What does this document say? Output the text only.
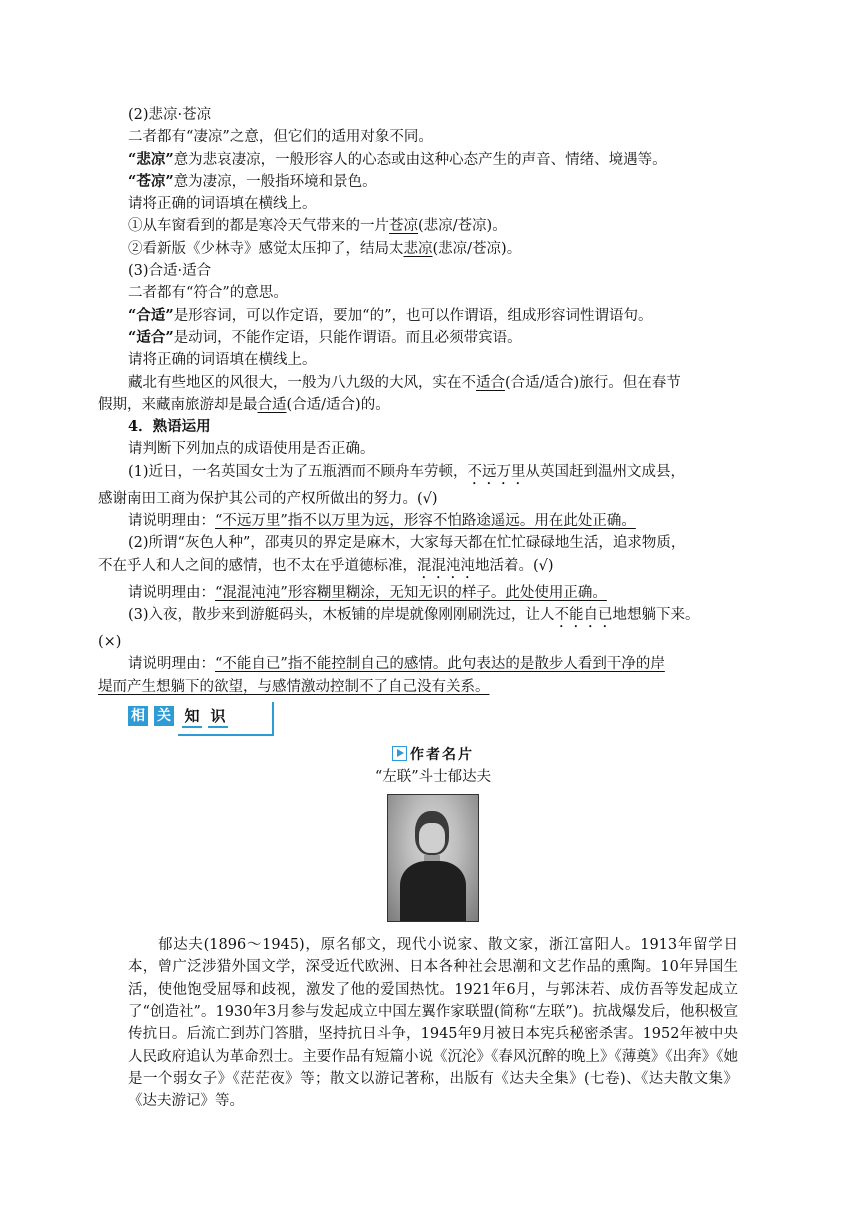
(2)悲凉·苍凉
二者都有“凄凉”之意，但它们的适用对象不同。
“悲凉”意为悲哀凄凉，一般形容人的心态或由这种心态产生的声音、情绪、境遇等。
“苍凉”意为凄凉，一般指环境和景色。
请将正确的词语填在横线上。
①从车窗看到的都是寒冷天气带来的一片苍凉(悲凉/苍凉)。
②看新版《少林寺》感觉太压抑了，结局太悲凉(悲凉/苍凉)。
(3)合适·适合
二者都有“符合”的意思。
“合适”是形容词，可以作定语，要加“的”，也可以作谓语，组成形容词性谓语句。
“适合”是动词，不能作定语，只能作谓语。而且必须带宾语。
请将正确的词语填在横线上。
藏北有些地区的风很大，一般为八九级的大风，实在不适合(合适/适合)旅行。但在春节
假期，来藏南旅游却是最合适(合适/适合)的。
4．熟语运用
请判断下列加点的成语使用是否正确。
(1)近日，一名英国女士为了五瓶酒而不顾舟车劳顿，不远万里从英国赶到温州文成县，
感谢南田工商为保护其公司的产权所做出的努力。(√)
请说明理由：“不远万里”指不以万里为远，形容不怕路途遥远。用在此处正确。
(2)所谓“灰色人种”，邵夷贝的界定是麻木，大家每天都在忙忙碌碌地生活，追求物质，
不在乎人和人之间的感情，也不太在乎道德标准，混混沌沌地活着。(√)
请说明理由：“混混沌沌”形容糊里糊涂，无知无识的样子。此处使用正确。
(3)入夜，散步来到游艇码头，木板铺的岸堤就像刚刚刷洗过，让人不能自已地想躺下来。
(×)
请说明理由：“不能自已”指不能控制自己的感情。此句表达的是散步人看到干净的岸
堤而产生想躺下的欲望，与感情激动控制不了自己没有关系。
相 关 知 识
作者名片
“左联”斗士郁达夫
郁达夫(1896～1945)，原名郁文，现代小说家、散文家，浙江富阳人。1913年留学日本，曾广泛涉猎外国文学，深受近代欧洲、日本各种社会思潮和文艺作品的熏陶。10年异国生活，使他饱受屈辱和歧视，激发了他的爱国热忱。1921年6月，与郭沫若、成仿吾等发起成立了“创造社”。1930年3月参与发起成立中国左翼作家联盟(简称“左联”)。抗战爆发后，他积极宣传抗日。后流亡到苏门答腊，坚持抗日斗争，1945年9月被日本宪兵秘密杀害。1952年被中央人民政府追认为革命烈士。主要作品有短篇小说《沉沦》《春风沉醉的晚上》《薄奠》《出奔》《她是一个弱女子》《茫茫夜》等；散文以游记著称，出版有《达夫全集》(七卷)、《达夫散文集》《达夫游记》等。
